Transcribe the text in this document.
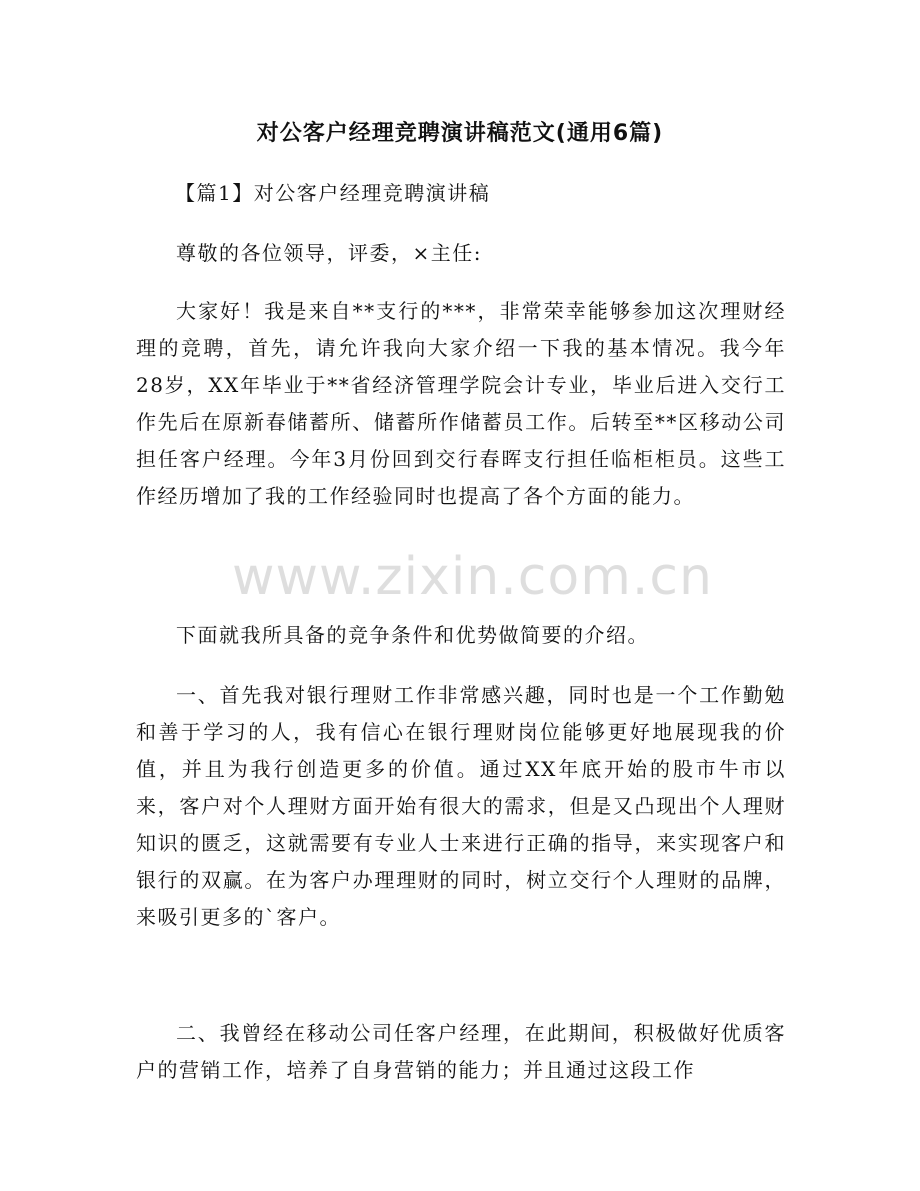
对公客户经理竞聘演讲稿范文(通用6篇)

【篇1】对公客户经理竞聘演讲稿

尊敬的各位领导，评委，×主任:

大家好！我是来自**支行的***，非常荣幸能够参加这次理财经理的竞聘，首先，请允许我向大家介绍一下我的基本情况。我今年28岁，XX年毕业于**省经济管理学院会计专业，毕业后进入交行工作先后在原新春储蓄所、储蓄所作储蓄员工作。后转至**区移动公司担任客户经理。今年3月份回到交行春晖支行担任临柜柜员。这些工作经历增加了我的工作经验同时也提高了各个方面的能力。

下面就我所具备的竞争条件和优势做简要的介绍。

一、首先我对银行理财工作非常感兴趣，同时也是一个工作勤勉和善于学习的人，我有信心在银行理财岗位能够更好地展现我的价值，并且为我行创造更多的价值。通过XX年底开始的股市牛市以来，客户对个人理财方面开始有很大的需求，但是又凸现出个人理财知识的匮乏，这就需要有专业人士来进行正确的指导，来实现客户和银行的双赢。在为客户办理理财的同时，树立交行个人理财的品牌，来吸引更多的`客户。

二、我曾经在移动公司任客户经理，在此期间，积极做好优质客户的营销工作，培养了自身营销的能力；并且通过这段工作

www.zixin.com.cn
